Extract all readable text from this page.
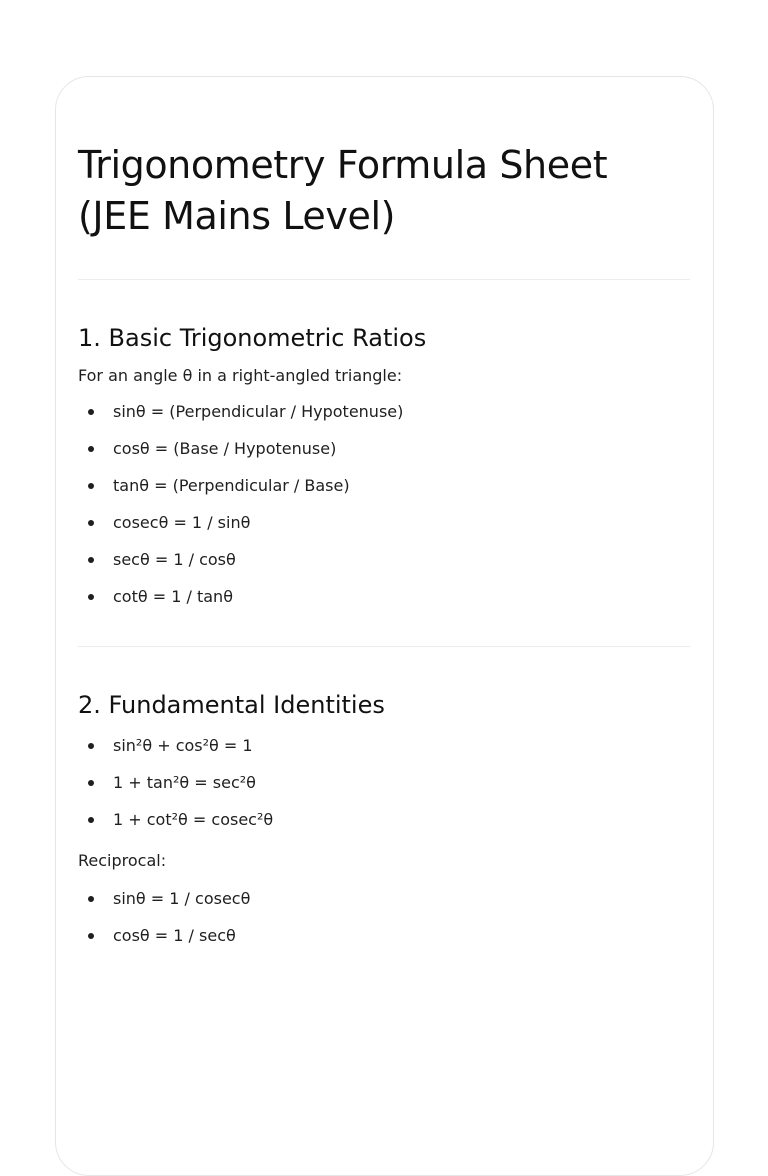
Trigonometry Formula Sheet (JEE Mains Level)
1. Basic Trigonometric Ratios

For an angle θ in a right-angled triangle:

sinθ = (Perpendicular / Hypotenuse)
cosθ = (Base / Hypotenuse)
tanθ = (Perpendicular / Base)
cosecθ = 1 / sinθ
secθ = 1 / cosθ
cotθ = 1 / tanθ
2. Fundamental Identities
sin²θ + cos²θ = 1
1 + tan²θ = sec²θ
1 + cot²θ = cosec²θ

Reciprocal:

sinθ = 1 / cosecθ
cosθ = 1 / secθ
